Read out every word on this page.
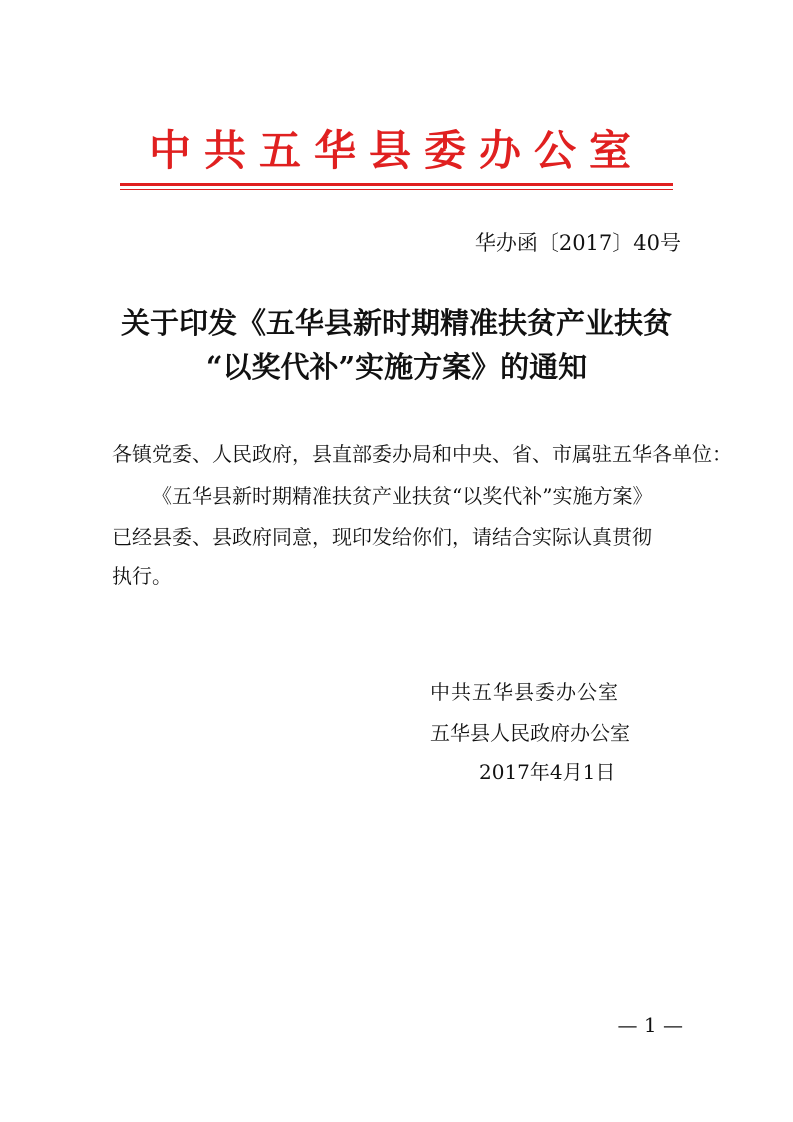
中共五华县委办公室
华办函〔2017〕40号
关于印发《五华县新时期精准扶贫产业扶贫
“以奖代补”实施方案》的通知
各镇党委、人民政府，县直部委办局和中央、省、市属驻五华各单位：
《五华县新时期精准扶贫产业扶贫“以奖代补”实施方案》
已经县委、县政府同意，现印发给你们，请结合实际认真贯彻
执行。
中共五华县委办公室
五华县人民政府办公室
2017年4月1日
— 1 —
